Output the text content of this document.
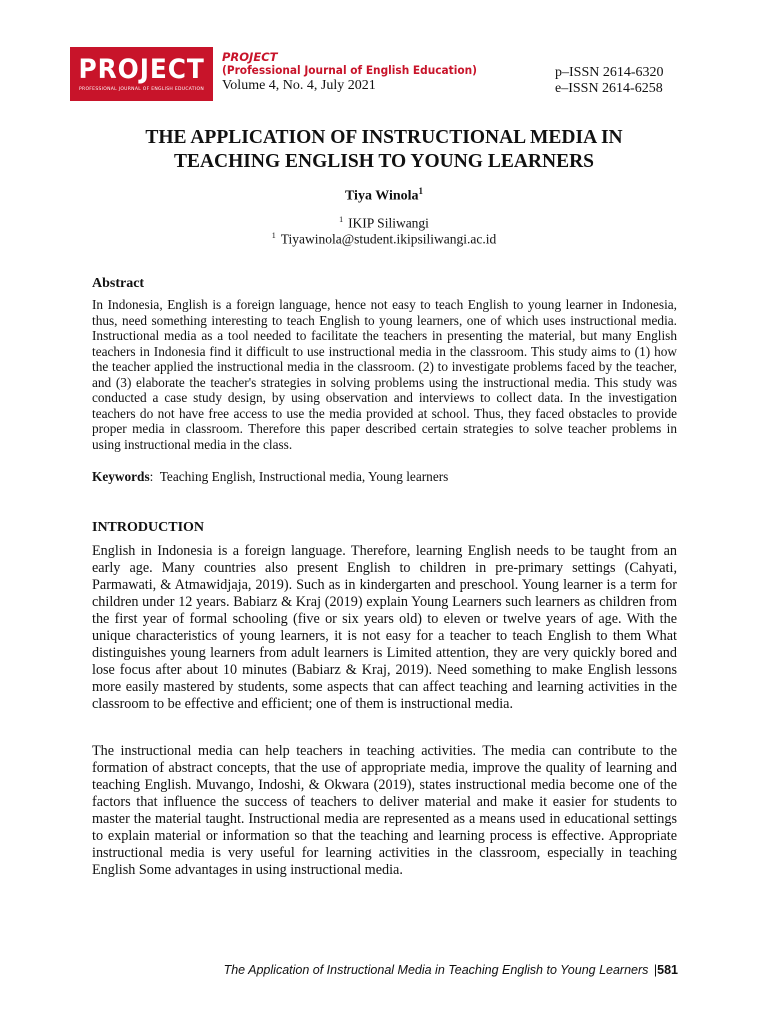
PROJECT
PROFESSIONAL JOURNAL OF ENGLISH EDUCATION
PROJECT
(Professional Journal of English Education)
Volume 4, No. 4, July 2021
p–ISSN 2614-6320
e–ISSN 2614-6258
THE APPLICATION OF INSTRUCTIONAL MEDIA IN
TEACHING ENGLISH TO YOUNG LEARNERS
Tiya Winola$^1$
$^1$ IKIP Siliwangi
$^1$ Tiyawinola@student.ikipsiliwangi.ac.id
Abstract
In Indonesia, English is a foreign language, hence not easy to teach English to young learner in Indonesia, thus, need something interesting to teach English to young learners, one of which uses instructional media. Instructional media as a tool needed to facilitate the teachers in presenting the material, but many English teachers in Indonesia find it difficult to use instructional media in the classroom. This study aims to (1) how the teacher applied the instructional media in the classroom. (2) to investigate problems faced by the teacher, and (3) elaborate the teacher's strategies in solving problems using the instructional media. This study was conducted a case study design, by using observation and interviews to collect data. In the investigation teachers do not have free access to use the media provided at school. Thus, they faced obstacles to provide proper media in classroom. Therefore this paper described certain strategies to solve teacher problems in using instructional media in the class.
Keywords:  Teaching English, Instructional media, Young learners
INTRODUCTION
English in Indonesia is a foreign language. Therefore, learning English needs to be taught from an early age. Many countries also present English to children in pre-primary settings (Cahyati, Parmawati, & Atmawidjaja, 2019). Such as in kindergarten and preschool. Young learner is a term for children under 12 years. Babiarz & Kraj (2019) explain Young Learners such learners as children from the first year of formal schooling (five or six years old) to eleven or twelve years of age. With the unique characteristics of young learners, it is not easy for a teacher to teach English to them What distinguishes young learners from adult learners is Limited attention, they are very quickly bored and lose focus after about 10 minutes (Babiarz & Kraj, 2019). Need something to make English lessons more easily mastered by students, some aspects that can affect teaching and learning activities in the classroom to be effective and efficient; one of them is instructional media.
The instructional media can help teachers in teaching activities. The media can contribute to the formation of abstract concepts, that the use of appropriate media, improve the quality of learning and teaching English. Muvango, Indoshi, & Okwara (2019), states instructional media become one of the factors that influence the success of teachers to deliver material and make it easier for students to master the material taught. Instructional media are represented as a means used in educational settings to explain material or information so that the teaching and learning process is effective. Appropriate instructional media is very useful for learning activities in the classroom, especially in teaching English Some advantages in using instructional media.
The Application of Instructional Media in Teaching English to Young Learners |581
